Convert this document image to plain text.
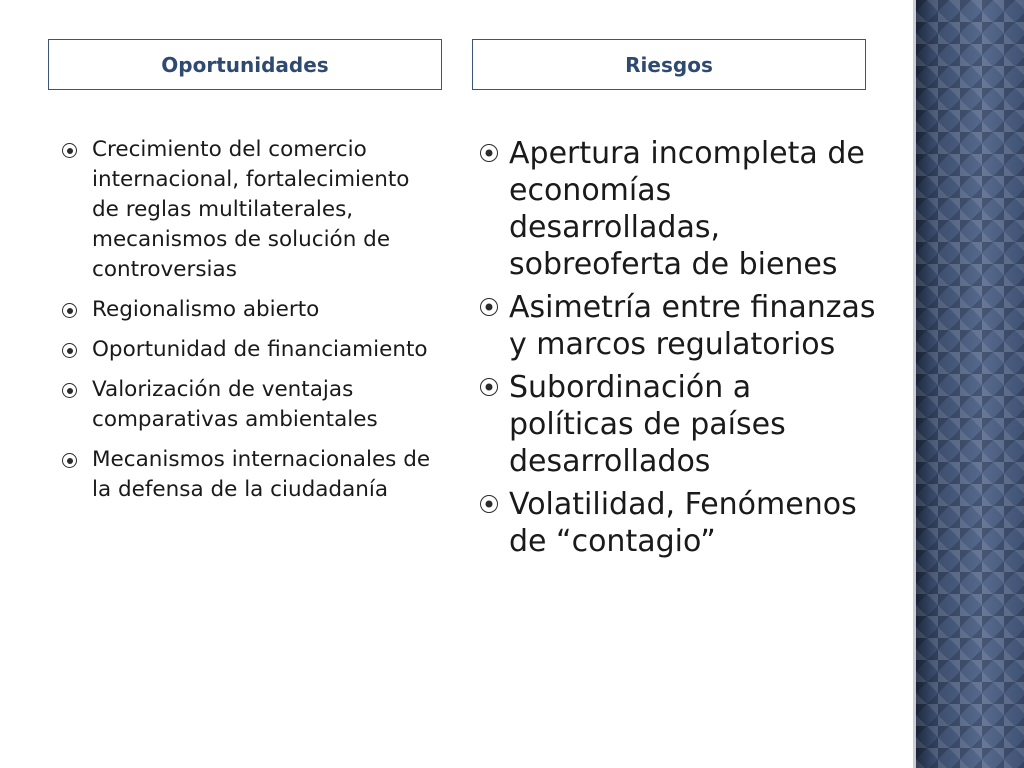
Oportunidades	Riesgos
Crecimiento del comercio internacional, fortalecimiento de reglas multilaterales, mecanismos de solución de controversias
Regionalismo abierto
Oportunidad de financiamiento
Valorización de ventajas comparativas ambientales
Mecanismos internacionales de la defensa de la ciudadanía
Apertura incompleta de economías desarrolladas, sobreoferta de bienes
Asimetría entre finanzas y marcos regulatorios
Subordinación a políticas de países desarrollados
Volatilidad, Fenómenos de “contagio”
